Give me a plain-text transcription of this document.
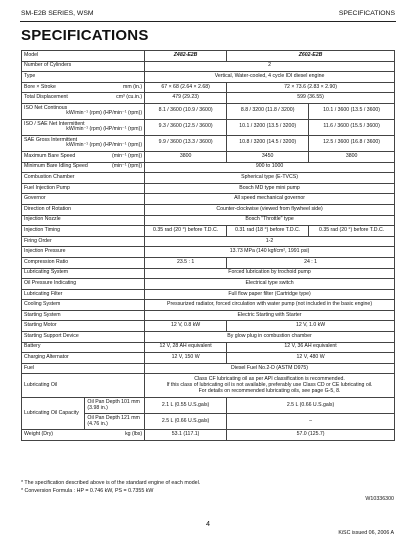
SM-E2B SERIES, WSM	SPECIFICATIONS
SPECIFICATIONS
Model		Z482-E2B	Z602-E2B	
Number of Cylinders		2		
Type		Vertical, Water-cooled, 4 cycle IDI diesel engine		

Bore × Stroke mm (in.)		67 × 68 (2.64 × 2.68)	72 × 73.6 (2.83 × 2.90)	

Total Displacement cm³ (cu.in.)		479 (29.23)	599 (36.55)	

ISO Net Continous
kW/min⁻¹ (rpm) (HP/min⁻¹ (rpm))		8.1 / 3600 (10.9 / 3600)	8.8 / 3200 (11.8 / 3200)	10.1 / 3600 (13.5 / 3600)

ISO / SAE Net Intermittent
kW/min⁻¹ (rpm) (HP/min⁻¹ (rpm))		9.3 / 3600 (12.5 / 3600)	10.1 / 3200 (13.5 / 3200)	11.6 / 3600 (15.5 / 3600)

SAE Gross Intermittent
kW/min⁻¹ (rpm) (HP/min⁻¹ (rpm))		9.9 / 3600 (13.3 / 3600)	10.8 / 3200 (14.5 / 3200)	12.5 / 3600 (16.8 / 3600)

Maximum Bare Speed (min⁻¹ (rpm))		3800	3450	3800

Minimum Bare Idling Speed (min⁻¹ (rpm))		900 to 1000		
Combustion Chamber		Spherical type (E-TVCS)		
Fuel Injection Pump		Bosch MD type mini pump		
Governor		All speed mechanical governor		
Direction of Rotation		Counter-clockwise (viewed from flywheel side)		
Injection Nozzle		Bosch "Throttle" type		
Injection Timing		0.35 rad (20 °) before T.D.C.	0.31 rad (18 °) before T.D.C.	0.35 rad (20 °) before T.D.C.
Firing Order		1-2		
Injection Pressure		13.73 MPa (140 kgf/cm², 1991 psi)		
Compression Ratio		23.5 : 1	24 : 1	
Lubricating System		Forced lubrication by trochoid pump		
Oil Pressure Indicating		Electrical type switch		
Lubricating Filter		Full flow paper filter (Cartridge type)		
Cooling System		Pressurized radiator, forced circulation with water pump (not included in the basic engine)		
Starting System		Electric Starting with Starter		
Starting Motor		12 V, 0.8 kW	12 V, 1.0 kW	
Starting Support Device		By glow plug in combustion chamber		
Battery		12 V, 28 AH equivalent	12 V, 36 AH equivalent	
Charging Alternator		12 V, 150 W	12 V, 480 W	
Fuel		Diesel Fuel No.2-D (ASTM D975)		
Lubricating Oil		Class CF lubricating oil as per API classification is recommended.
If this class of lubricating oil is not available, preferably use Class CD or CE lubricating oil.
For details on recommended lubricating oils, see page G-5, 8.		

Lubricating Oil Capacity	Oil Pan Depth 101 mm (3.98 in.)	2.1 L (0.55 U.S.gals)	2.5 L (0.66 U.S.gals)	
	Oil Pan Depth 121 mm (4.76 in.)	2.5 L (0.66 U.S.gals)	–	

Weight (Dry) kg (lbs)		53.1 (117.1)	57.0 (125.7)	
* The specification described above is of the standard engine of each model.
* Conversion Formula : HP = 0.746 kW, PS = 0.7355 kW
W10336300
4
KiSC issued 06, 2006 A
